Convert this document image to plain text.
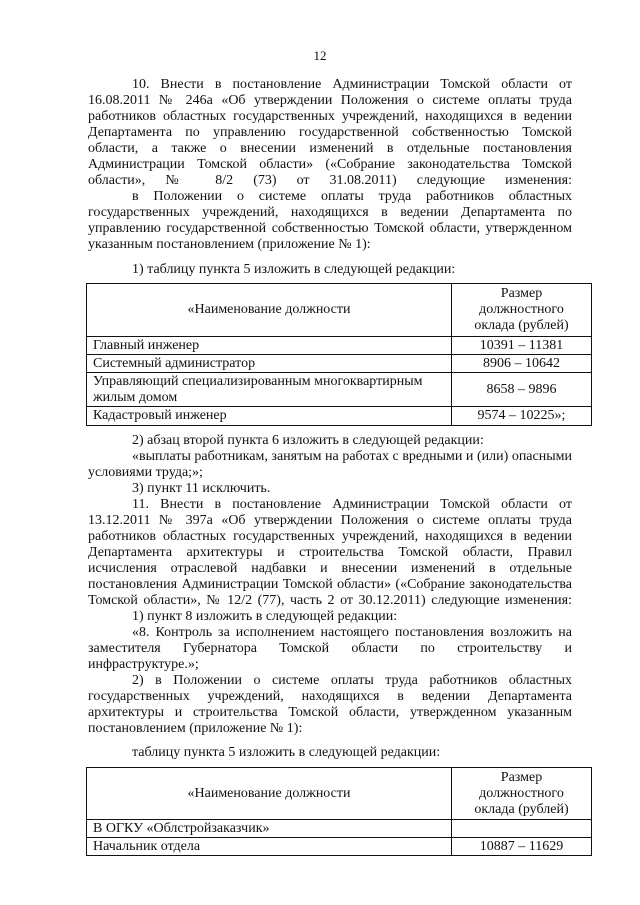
12

10. Внести в постановление Администрации Томской области от 16.08.2011 № 246а «Об утверждении Положения о системе оплаты труда работников областных государственных учреждений, находящихся в ведении Департамента по управлению государственной собственностью Томской области, а также о внесении изменений в отдельные постановления Администрации Томской области» («Собрание законодательства Томской области», № 8/2 (73) от 31.08.2011) следующие изменения:

в Положении о системе оплаты труда работников областных государственных учреждений, находящихся в ведении Департамента по управлению государственной собственностью Томской области, утвержденном указанным постановлением (приложение № 1):

1) таблицу пункта 5 изложить в следующей редакции:

«Наименование должности	Размер должностного оклада (рублей)
Главный инженер	10391 – 11381
Системный администратор	8906 – 10642
Управляющий специализированным многоквартирным жилым домом	8658 – 9896
Кадастровый инженер	9574 – 10225»;

2) абзац второй пункта 6 изложить в следующей редакции:

«выплаты работникам, занятым на работах с вредными и (или) опасными условиями труда;»;

3) пункт 11 исключить.

11. Внести в постановление Администрации Томской области от 13.12.2011 № 397а «Об утверждении Положения о системе оплаты труда работников областных государственных учреждений, находящихся в ведении Департамента архитектуры и строительства Томской области, Правил исчисления отраслевой надбавки и внесении изменений в отдельные постановления Администрации Томской области» («Собрание законодательства Томской области», № 12/2 (77), часть 2 от 30.12.2011) следующие изменения:

1) пункт 8 изложить в следующей редакции:

«8. Контроль за исполнением настоящего постановления возложить на заместителя Губернатора Томской области по строительству и инфраструктуре.»;

2) в Положении о системе оплаты труда работников областных государственных учреждений, находящихся в ведении Департамента архитектуры и строительства Томской области, утвержденном указанным постановлением (приложение № 1):

таблицу пункта 5 изложить в следующей редакции:

«Наименование должности	Размер должностного оклада (рублей)
В ОГКУ «Облстройзаказчик»	
Начальник отдела	10887 – 11629
